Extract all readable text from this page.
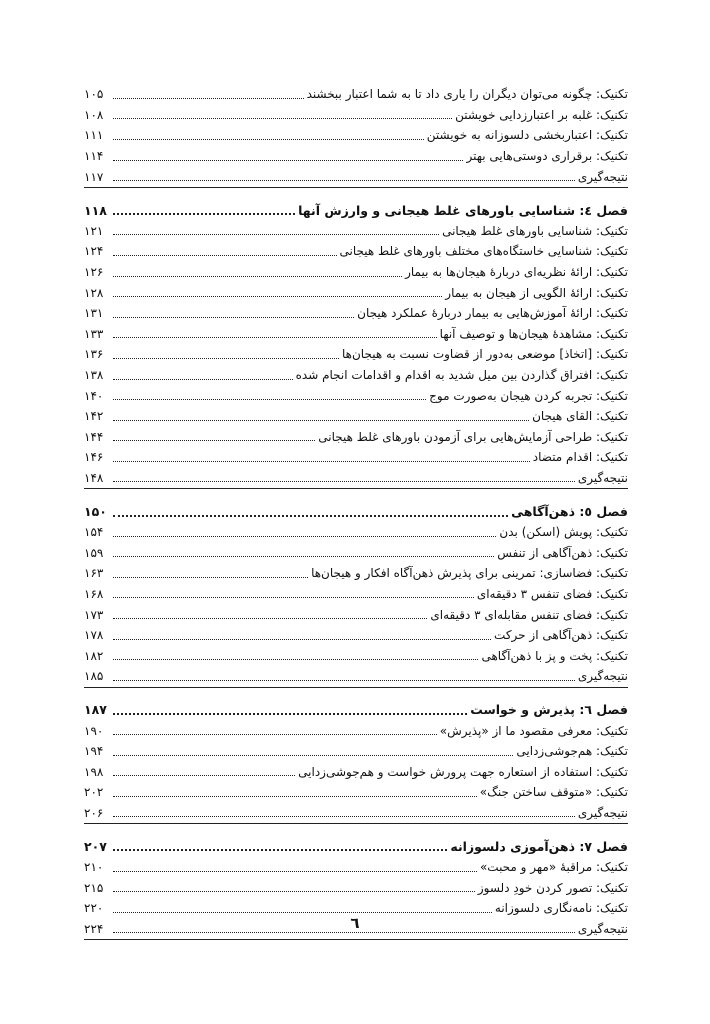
تکنیک: چگونه می‌توان دیگران را یاری داد تا به شما اعتبار ببخشند
۱۰۵
تکنیک: غلبه بر اعتبارزدایی خویشتن
۱۰۸
تکنیک: اعتباربخشی دلسوزانه به خویشتن
۱۱۱
تکنیک: برقراری دوستی‌هایی بهتر
۱۱۴
نتیجه‌گیری
۱۱۷
فصل ٤: شناسایی باورهای غلط هیجانی و وارزش آنها
۱۱۸
تکنیک: شناسایی باورهای غلط هیجانی
۱۲۱
تکنیک: شناسایی خاستگاه‌های مختلف باورهای غلط هیجانی
۱۲۴
تکنیک: ارائهٔ نظریه‌ای دربارهٔ هیجان‌ها به بیمار
۱۲۶
تکنیک: ارائهٔ الگویی از هیجان به بیمار
۱۲۸
تکنیک: ارائهٔ آموزش‌هایی به بیمار دربارهٔ عملکرد هیجان
۱۳۱
تکنیک: مشاهدهٔ هیجان‌ها و توصیف آنها
۱۳۳
تکنیک: [اتخاذ] موضعی به‌دور از قضاوت نسبت به هیجان‌ها
۱۳۶
تکنیک: افتراق گذاردن بین میل شدید به اقدام و اقدامات انجام شده
۱۳۸
تکنیک: تجربه کردن هیجان به‌صورت موج
۱۴۰
تکنیک: القای هیجان
۱۴۲
تکنیک: طراحی آزمایش‌هایی برای آزمودن باورهای غلط هیجانی
۱۴۴
تکنیک: اقدام متضاد
۱۴۶
نتیجه‌گیری
۱۴۸
فصل ٥: ذهن‌آگاهی
۱۵۰
تکنیک: پویش (اسکن) بدن
۱۵۴
تکنیک: ذهن‌آگاهی از تنفس
۱۵۹
تکنیک: فضاسازی: تمرینی برای پذیرش ذهن‌آگاه افکار و هیجان‌ها
۱۶۳
تکنیک: فضای تنفس ۳ دقیقه‌ای
۱۶۸
تکنیک: فضای تنفس مقابله‌ای ۳ دقیقه‌ای
۱۷۳
تکنیک: ذهن‌آگاهی از حرکت
۱۷۸
تکنیک: پخت و پز با ذهن‌آگاهی
۱۸۲
نتیجه‌گیری
۱۸۵
فصل ٦: پذیرش و خواست
۱۸۷
تکنیک: معرفی مقصود ما از «پذیرش»
۱۹۰
تکنیک: هم‌جوشی‌زدایی
۱۹۴
تکنیک: استفاده از استعاره جهت پرورش خواست و هم‌جوشی‌زدایی
۱۹۸
تکنیک: «متوقف ساختن جنگ»
۲۰۲
نتیجه‌گیری
۲۰۶
فصل ٧: ذهن‌آموزی دلسوزانه
۲۰۷
تکنیک: مراقبهٔ «مهر و محبت»
۲۱۰
تکنیک: تصور کردن خودِ دلسوز
۲۱۵
تکنیک: نامه‌نگاری دلسوزانه
۲۲۰
نتیجه‌گیری
۲۲۴	٦
